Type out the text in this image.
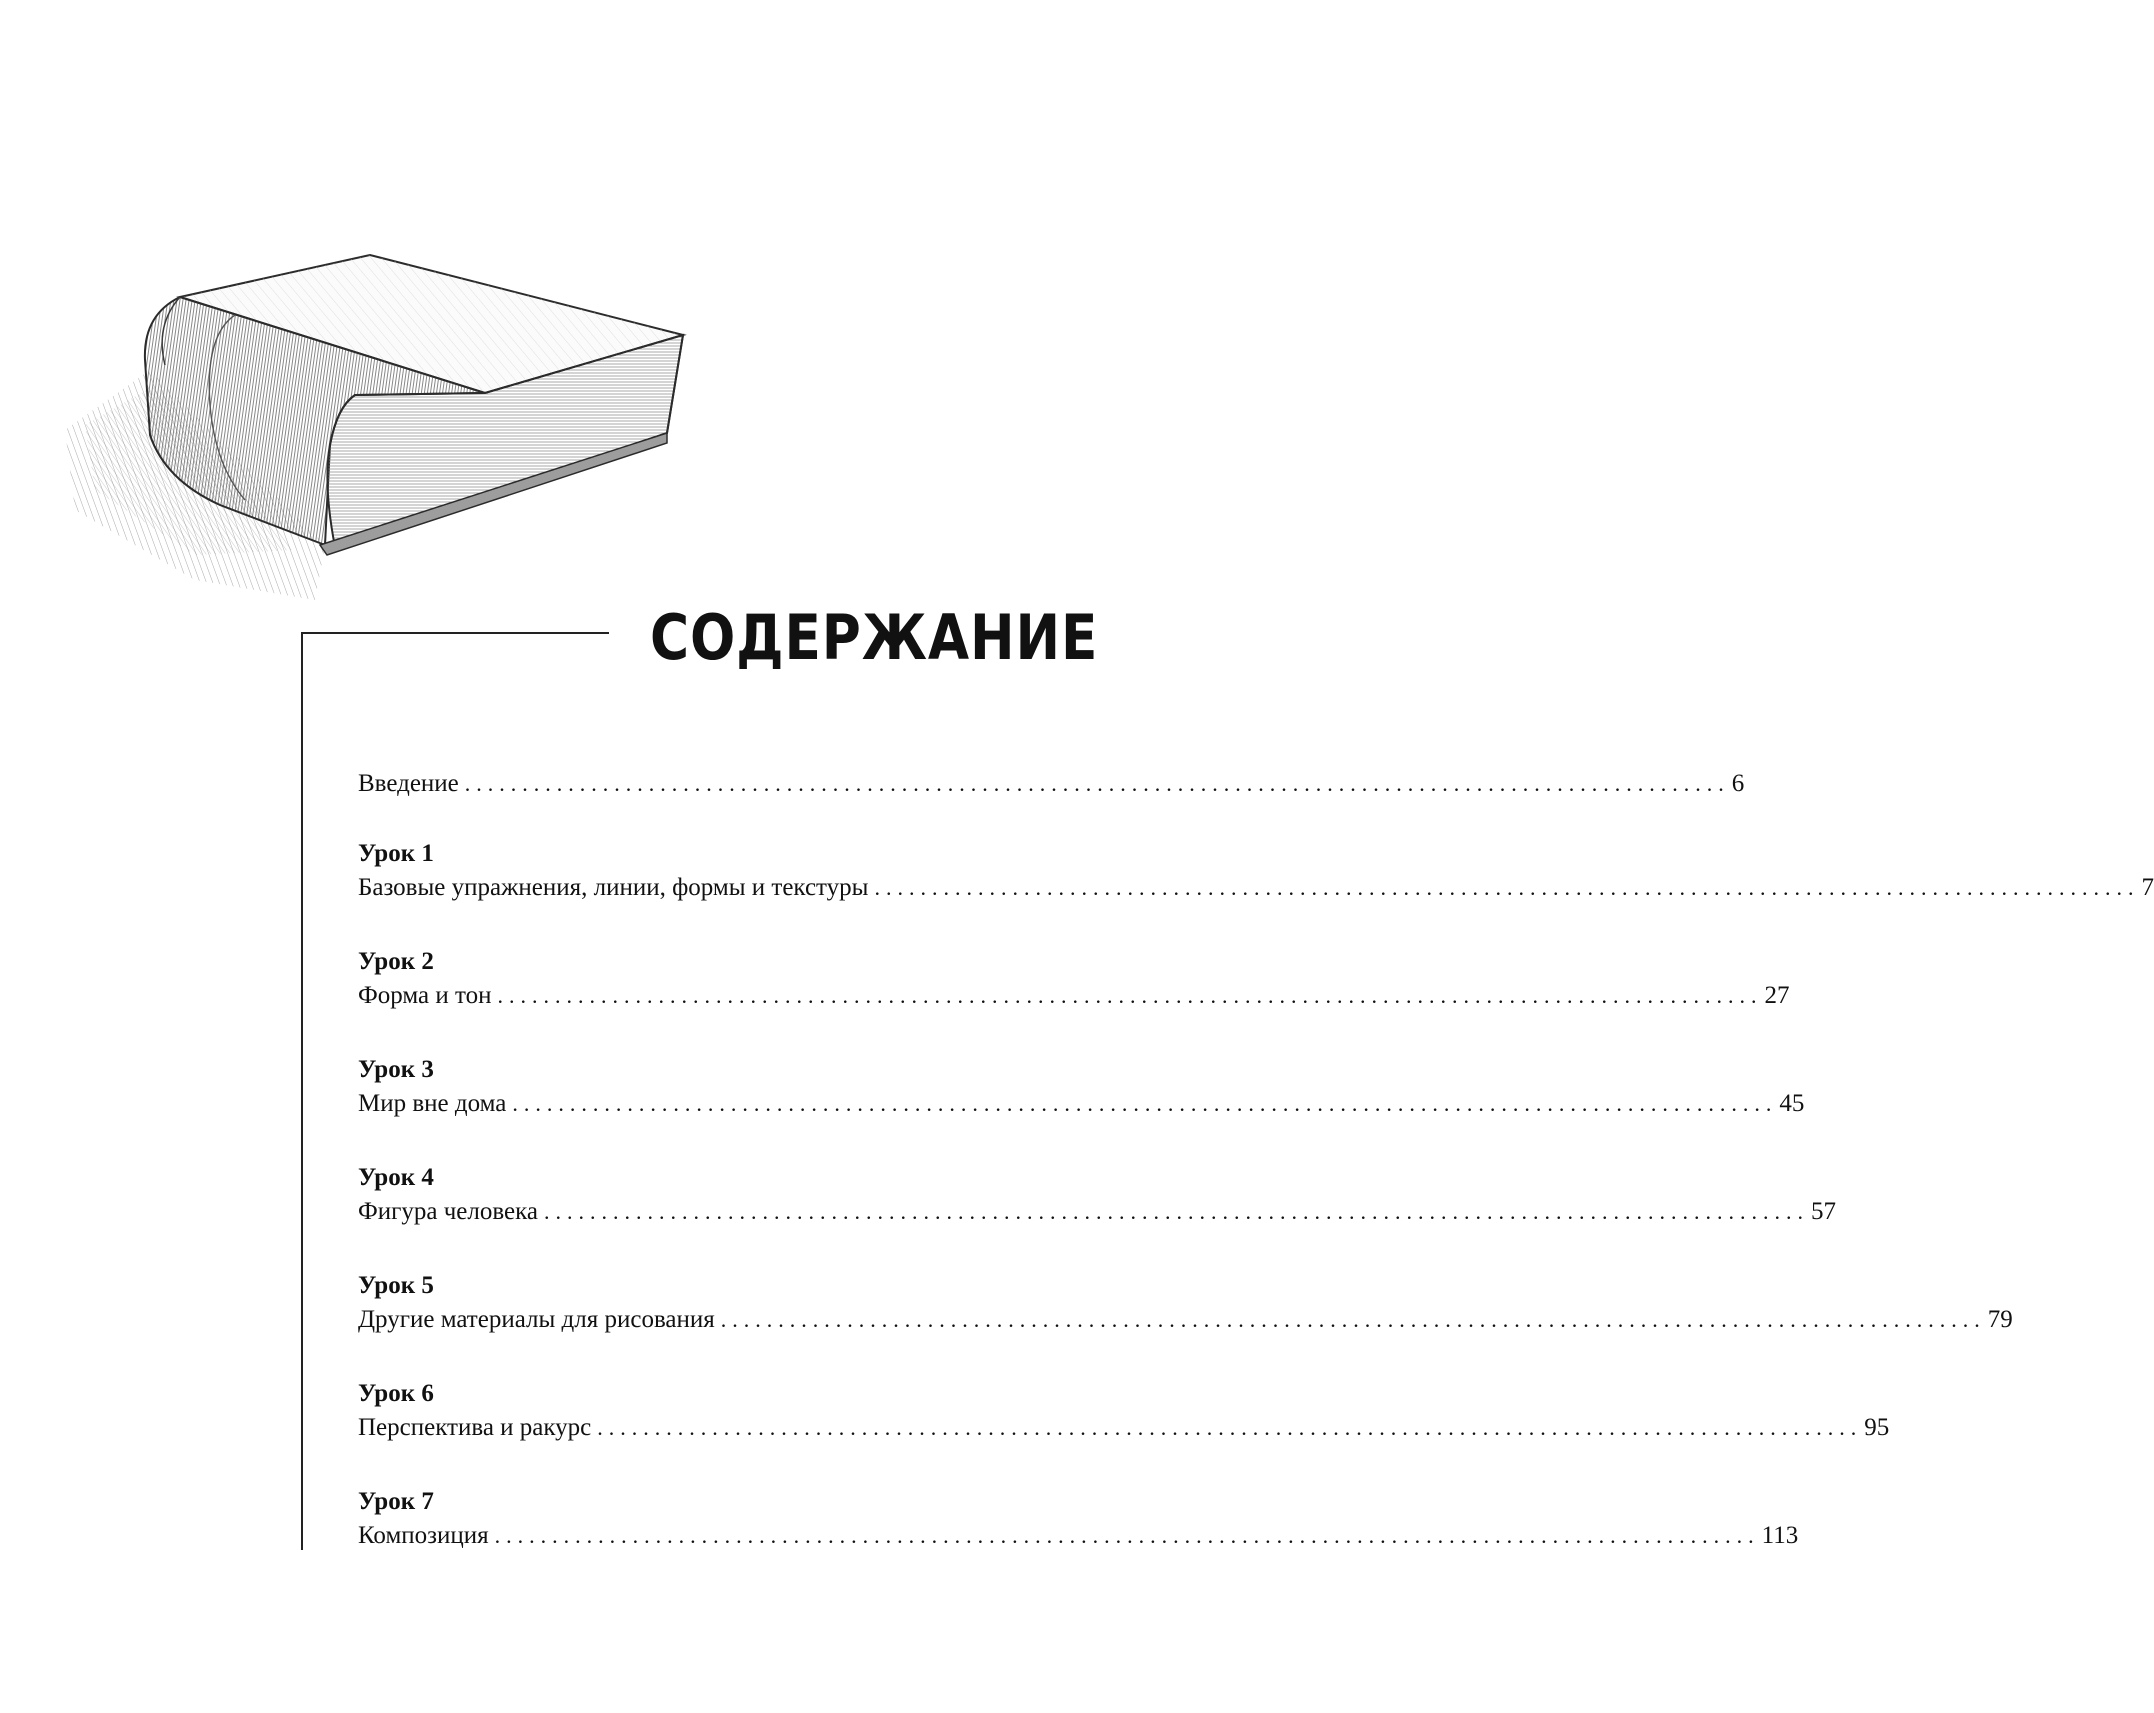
СОДЕРЖАНИЕ
Введение .............................................................................................................. 6
Урок 1
Базовые упражнения, линии, формы и текстуры .............................................................................................................. 7
Урок 2
Форма и тон .............................................................................................................. 27
Урок 3
Мир вне дома .............................................................................................................. 45
Урок 4
Фигура человека .............................................................................................................. 57
Урок 5
Другие материалы для рисования .............................................................................................................. 79
Урок 6
Перспектива и ракурс .............................................................................................................. 95
Урок 7
Композиция .............................................................................................................. 113
